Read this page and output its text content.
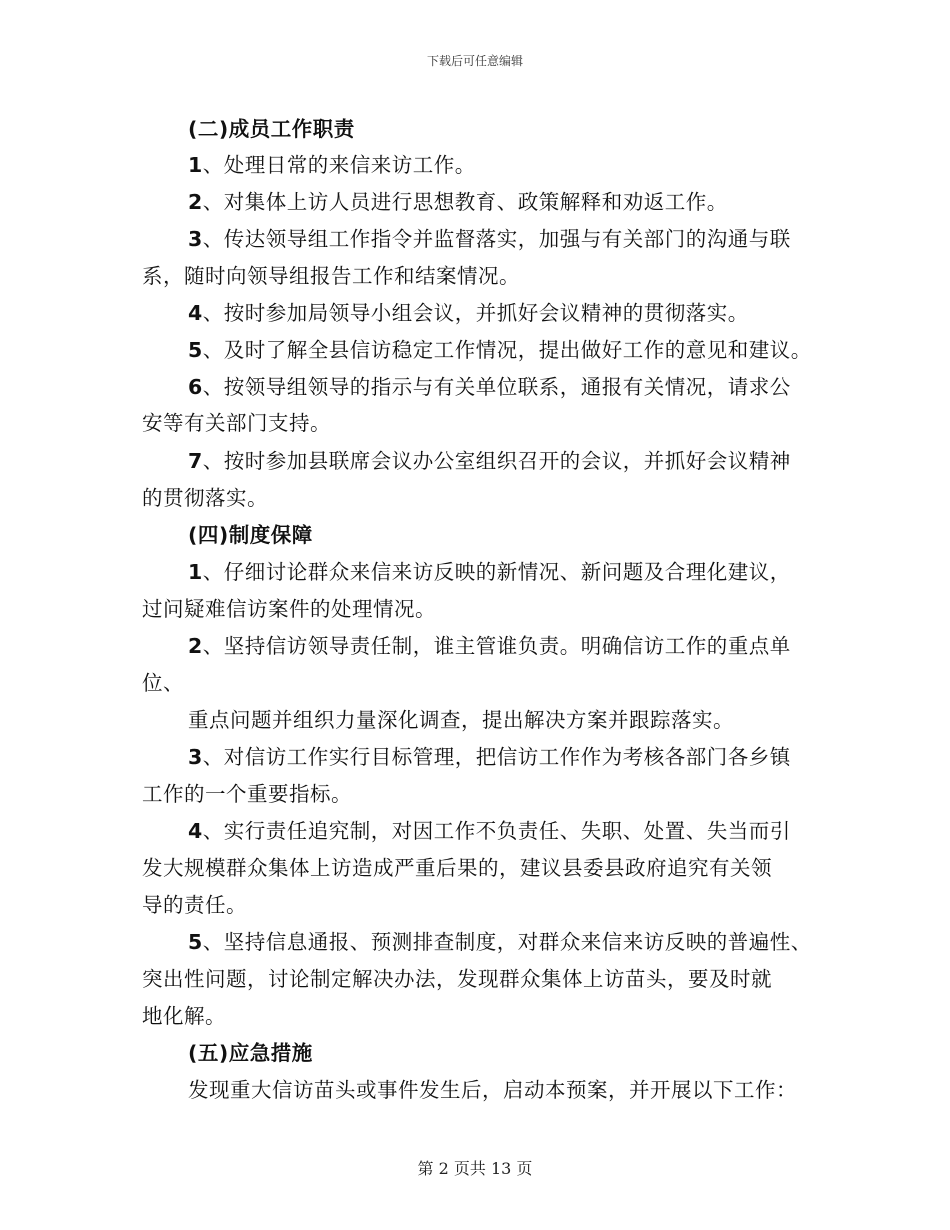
下载后可任意编辑
(二)成员工作职责
1、处理日常的来信来访工作。
2、对集体上访人员进行思想教育、政策解释和劝返工作。
3、传达领导组工作指令并监督落实，加强与有关部门的沟通与联
系，随时向领导组报告工作和结案情况。
4、按时参加局领导小组会议，并抓好会议精神的贯彻落实。
5、及时了解全县信访稳定工作情况，提出做好工作的意见和建议。
6、按领导组领导的指示与有关单位联系，通报有关情况，请求公
安等有关部门支持。
7、按时参加县联席会议办公室组织召开的会议，并抓好会议精神
的贯彻落实。
(四)制度保障
1、仔细讨论群众来信来访反映的新情况、新问题及合理化建议，
过问疑难信访案件的处理情况。
2、坚持信访领导责任制，谁主管谁负责。明确信访工作的重点单
位、
重点问题并组织力量深化调查，提出解决方案并跟踪落实。
3、对信访工作实行目标管理，把信访工作作为考核各部门各乡镇
工作的一个重要指标。
4、实行责任追究制，对因工作不负责任、失职、处置、失当而引
发大规模群众集体上访造成严重后果的，建议县委县政府追究有关领
导的责任。
5、坚持信息通报、预测排查制度，对群众来信来访反映的普遍性、
突出性问题，讨论制定解决办法，发现群众集体上访苗头，要及时就
地化解。
(五)应急措施
发现重大信访苗头或事件发生后，启动本预案，并开展以下工作：
第 2 页共 13 页
